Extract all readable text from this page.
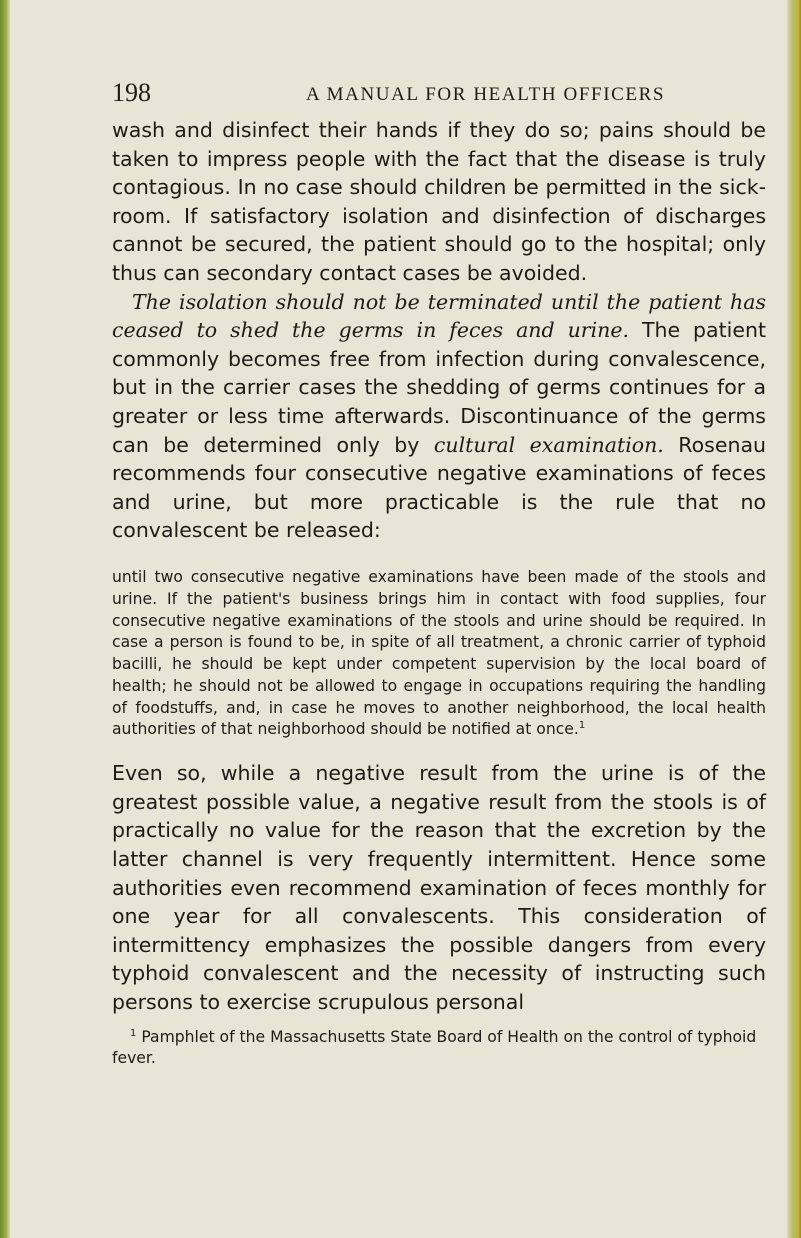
198	A MANUAL FOR HEALTH OFFICERS

wash and disinfect their hands if they do so; pains should be taken to impress people with the fact that the disease is truly contagious. In no case should children be permitted in the sick-room. If satisfactory isolation and disinfection of discharges cannot be secured, the patient should go to the hospital; only thus can secondary contact cases be avoided.

The isolation should not be terminated until the patient has ceased to shed the germs in feces and urine. The patient commonly becomes free from infection during convalescence, but in the carrier cases the shedding of germs continues for a greater or less time afterwards. Discontinuance of the germs can be determined only by cultural examination. Rosenau recommends four consecutive negative examinations of feces and urine, but more practicable is the rule that no convalescent be released:

until two consecutive negative examinations have been made of the stools and urine. If the patient's business brings him in contact with food supplies, four consecutive negative examinations of the stools and urine should be required. In case a person is found to be, in spite of all treatment, a chronic carrier of typhoid bacilli, he should be kept under competent supervision by the local board of health; he should not be allowed to engage in occupations requiring the handling of foodstuffs, and, in case he moves to another neighborhood, the local health authorities of that neighborhood should be notified at once.$^1$

Even so, while a negative result from the urine is of the greatest possible value, a negative result from the stools is of practically no value for the reason that the excretion by the latter channel is very frequently intermittent. Hence some authorities even recommend examination of feces monthly for one year for all convalescents. This consideration of intermittency emphasizes the possible dangers from every typhoid convalescent and the necessity of instructing such persons to exercise scrupulous personal

$^1$ Pamphlet of the Massachusetts State Board of Health on the control of typhoid fever.
